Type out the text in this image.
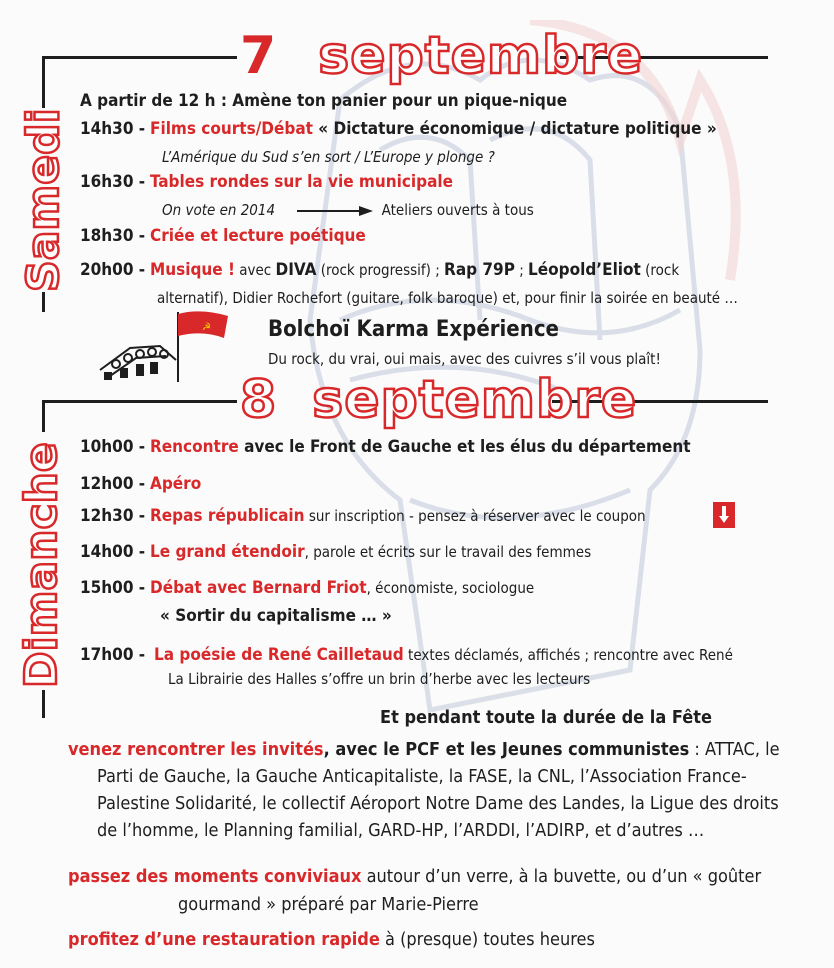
7 septembre
Samedi
A partir de 12 h : Amène ton panier pour un pique-nique
14h30 - Films courts/Débat « Dictature économique / dictature politique »
L’Amérique du Sud s’en sort / L’Europe y plonge ?
16h30 - Tables rondes sur la vie municipale
On vote en 2014	Ateliers ouverts à tous
18h30 - Criée et lecture poétique
20h00 - Musique ! avec DIVA (rock progressif) ; Rap 79P ; Léopold’Eliot (rock
alternatif), Didier Rochefort (guitare, folk baroque) et, pour finir la soirée en beauté …
☭	Bolchoï Karma Expérience
Du rock, du vrai, oui mais, avec des cuivres s’il vous plaît!
8 septembre
Dimanche 10h00 - Rencontre avec le Front de Gauche et les élus du département
12h00 - Apéro
12h30 - Repas républicain sur inscription - pensez à réserver avec le coupon
14h00 - Le grand étendoir, parole et écrits sur le travail des femmes
15h00 - Débat avec Bernard Friot, économiste, sociologue
« Sortir du capitalisme … »
17h00 - La poésie de René Cailletaud textes déclamés, affichés ; rencontre avec René
La Librairie des Halles s’offre un brin d’herbe avec les lecteurs
Et pendant toute la durée de la Fête
venez rencontrer les invités, avec le PCF et les Jeunes communistes : ATTAC, le
Parti de Gauche, la Gauche Anticapitaliste, la FASE, la CNL, l’Association France-
Palestine Solidarité, le collectif Aéroport Notre Dame des Landes, la Ligue des droits
de l’homme, le Planning familial, GARD-HP, l’ARDDI, l’ADIRP, et d’autres …
passez des moments conviviaux autour d’un verre, à la buvette, ou d’un « goûter
gourmand » préparé par Marie-Pierre
profitez d’une restauration rapide à (presque) toutes heures
